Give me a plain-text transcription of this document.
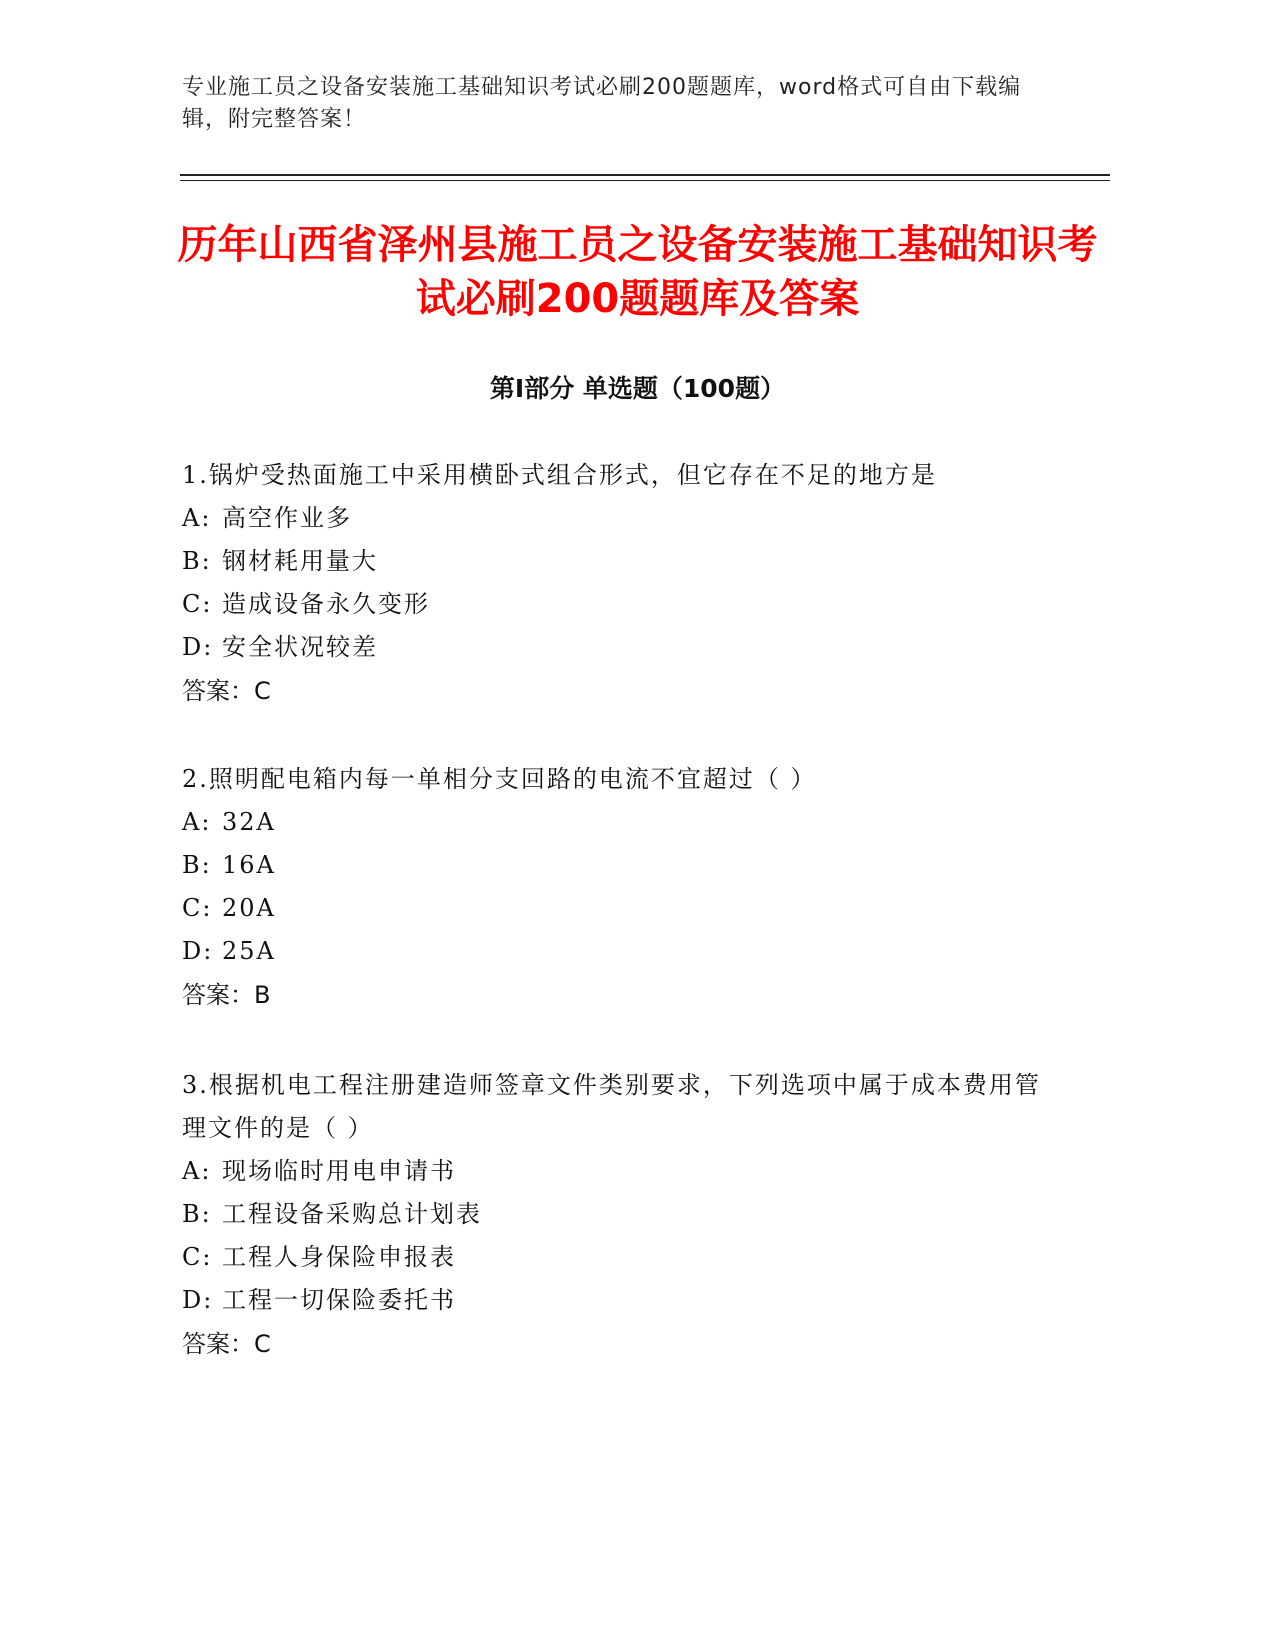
专业施工员之设备安装施工基础知识考试必刷200题题库，word格式可自由下载编辑，附完整答案！
历年山西省泽州县施工员之设备安装施工基础知识考试必刷200题题库及答案
第Ⅰ部分 单选题（100题）
1.锅炉受热面施工中采用横卧式组合形式，但它存在不足的地方是
A: 高空作业多
B: 钢材耗用量大
C: 造成设备永久变形
D: 安全状况较差
答案：C
2.照明配电箱内每一单相分支回路的电流不宜超过（ ）
A: 32A
B: 16A
C: 20A
D: 25A
答案：B
3.根据机电工程注册建造师签章文件类别要求，下列选项中属于成本费用管理文件的是（ ）
A: 现场临时用电申请书
B: 工程设备采购总计划表
C: 工程人身保险申报表
D: 工程一切保险委托书
答案：C
